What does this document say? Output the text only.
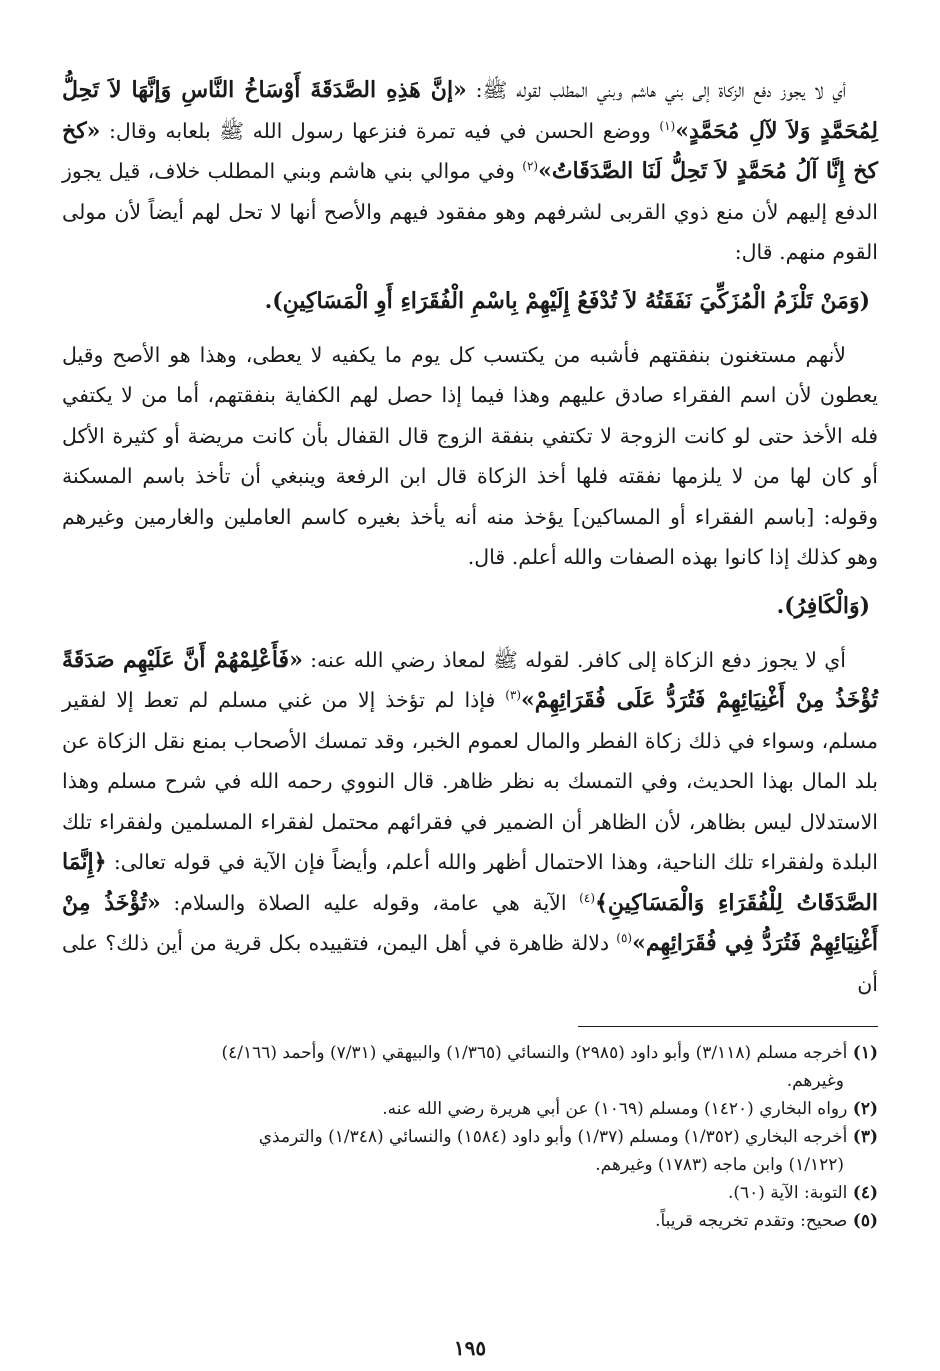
أي لا يجوز دفع الزكاة إلى بني هاشم وبني المطلب لقوله ﷺ: «إنَّ هَذِهِ الصَّدَقَةَ أَوْسَاخُ النَّاسِ وَإنَّهَا لاَ تَحِلُّ لِمُحَمَّدٍ وَلاَ لآلِ مُحَمَّدٍ»$^{(١)}$ ووضع الحسن في فيه تمرة فنزعها رسول الله ﷺ بلعابه وقال: «كخ كخ إِنَّا آلُ مُحَمَّدٍ لاَ تَحِلُّ لَنَا الصَّدَقَاتُ»$^{(٢)}$ وفي موالي بني هاشم وبني المطلب خلاف، قيل يجوز الدفع إليهم لأن منع ذوي القربى لشرفهم وهو مفقود فيهم والأصح أنها لا تحل لهم أيضاً لأن مولى القوم منهم. قال:

(وَمَنْ تَلْزَمُ الْمُزَكِّيَ نَفَقَتُهُ لاَ تُدْفَعُ إِلَيْهِمْ بِاسْمِ الْفُقَرَاءِ أَوِ الْمَسَاكِينِ).

لأنهم مستغنون بنفقتهم فأشبه من يكتسب كل يوم ما يكفيه لا يعطى، وهذا هو الأصح وقيل يعطون لأن اسم الفقراء صادق عليهم وهذا فيما إذا حصل لهم الكفاية بنفقتهم، أما من لا يكتفي فله الأخذ حتى لو كانت الزوجة لا تكتفي بنفقة الزوج قال القفال بأن كانت مريضة أو كثيرة الأكل أو كان لها من لا يلزمها نفقته فلها أخذ الزكاة قال ابن الرفعة وينبغي أن تأخذ باسم المسكنة وقوله: [باسم الفقراء أو المساكين] يؤخذ منه أنه يأخذ بغيره كاسم العاملين والغارمين وغيرهم وهو كذلك إذا كانوا بهذه الصفات والله أعلم. قال.

(وَالْكَافِرُ).

أي لا يجوز دفع الزكاة إلى كافر. لقوله ﷺ لمعاذ رضي الله عنه: «فَأَعْلِمْهُمْ أَنَّ عَلَيْهِم صَدَقَةً تُؤْخَذُ مِنْ أَغْنِيَائِهِمْ فَتُرَدُّ عَلَى فُقَرَائِهِمْ»$^{(٣)}$ فإذا لم تؤخذ إلا من غني مسلم لم تعط إلا لفقير مسلم، وسواء في ذلك زكاة الفطر والمال لعموم الخبر، وقد تمسك الأصحاب بمنع نقل الزكاة عن بلد المال بهذا الحديث، وفي التمسك به نظر ظاهر. قال النووي رحمه الله في شرح مسلم وهذا الاستدلال ليس بظاهر، لأن الظاهر أن الضمير في فقرائهم محتمل لفقراء المسلمين ولفقراء تلك البلدة ولفقراء تلك الناحية، وهذا الاحتمال أظهر والله أعلم، وأيضاً فإن الآية في قوله تعالى: ﴿إِنَّمَا الصَّدَقَاتُ لِلْفُقَرَاءِ وَالْمَسَاكِينِ﴾$^{(٤)}$ الآية هي عامة، وقوله عليه الصلاة والسلام: «تُؤْخَذُ مِنْ أَغْنِيَائِهِمْ فَتُرَدُّ فِي فُقَرَائِهِم»$^{(٥)}$ دلالة ظاهرة في أهل اليمن، فتقييده بكل قرية من أين ذلك؟ على أن

(١) أخرجه مسلم (٣/١١٨) وأبو داود (٢٩٨٥) والنسائي (١/٣٦٥) والبيهقي (٧/٣١) وأحمد (٤/١٦٦)
وغيرهم.

(٢) رواه البخاري (١٤٢٠) ومسلم (١٠٦٩) عن أبي هريرة رضي الله عنه.

(٣) أخرجه البخاري (١/٣٥٢) ومسلم (١/٣٧) وأبو داود (١٥٨٤) والنسائي (١/٣٤٨) والترمذي
(١/١٢٢) وابن ماجه (١٧٨٣) وغيرهم.

(٤) التوبة: الآية (٦٠).

(٥) صحيح: وتقدم تخريجه قريباً.

١٩٥
